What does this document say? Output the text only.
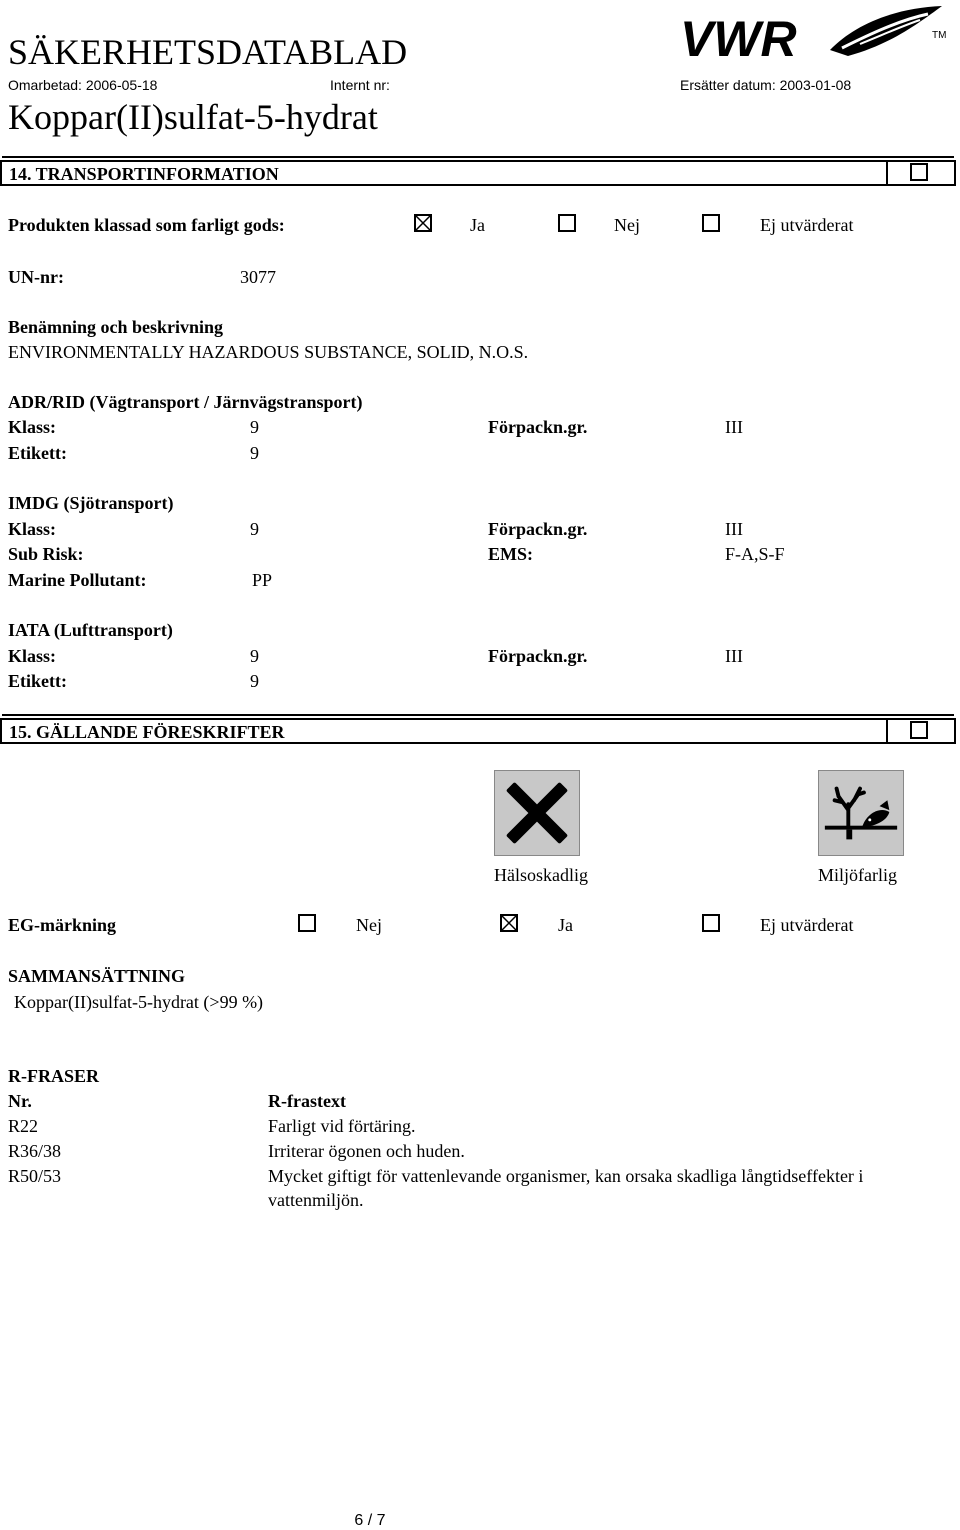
SÄKERHETSDATABLAD	VWR	TM
Omarbetad: 2006-05-18	Internt nr:	Ersätter datum: 2003-01-08
Koppar(II)sulfat-5-hydrat
14. TRANSPORTINFORMATION
Produkten klassad som farligt gods:	Ja	Nej	Ej utvärderat
UN-nr:	3077
Benämning och beskrivning
ENVIRONMENTALLY HAZARDOUS SUBSTANCE, SOLID, N.O.S.
ADR/RID (Vägtransport / Järnvägstransport)
Klass:	9	Förpackn.gr.	III
Etikett:	9
IMDG (Sjötransport)
Klass:	9	Förpackn.gr.	III
Sub Risk:	EMS:	F-A,S-F
Marine Pollutant:	PP
IATA (Lufttransport)
Klass:	9	Förpackn.gr.	III
Etikett:	9
15. GÄLLANDE FÖRESKRIFTER
Hälsoskadlig	Miljöfarlig
EG-märkning	Nej	Ja	Ej utvärderat
SAMMANSÄTTNING
Koppar(II)sulfat-5-hydrat (>99 %)
R-FRASER
Nr.	R-frastext
R22	Farligt vid förtäring.
R36/38	Irriterar ögonen och huden.
R50/53	Mycket giftigt för vattenlevande organismer, kan orsaka skadliga långtidseffekter i
vattenmiljön.
6 / 7
